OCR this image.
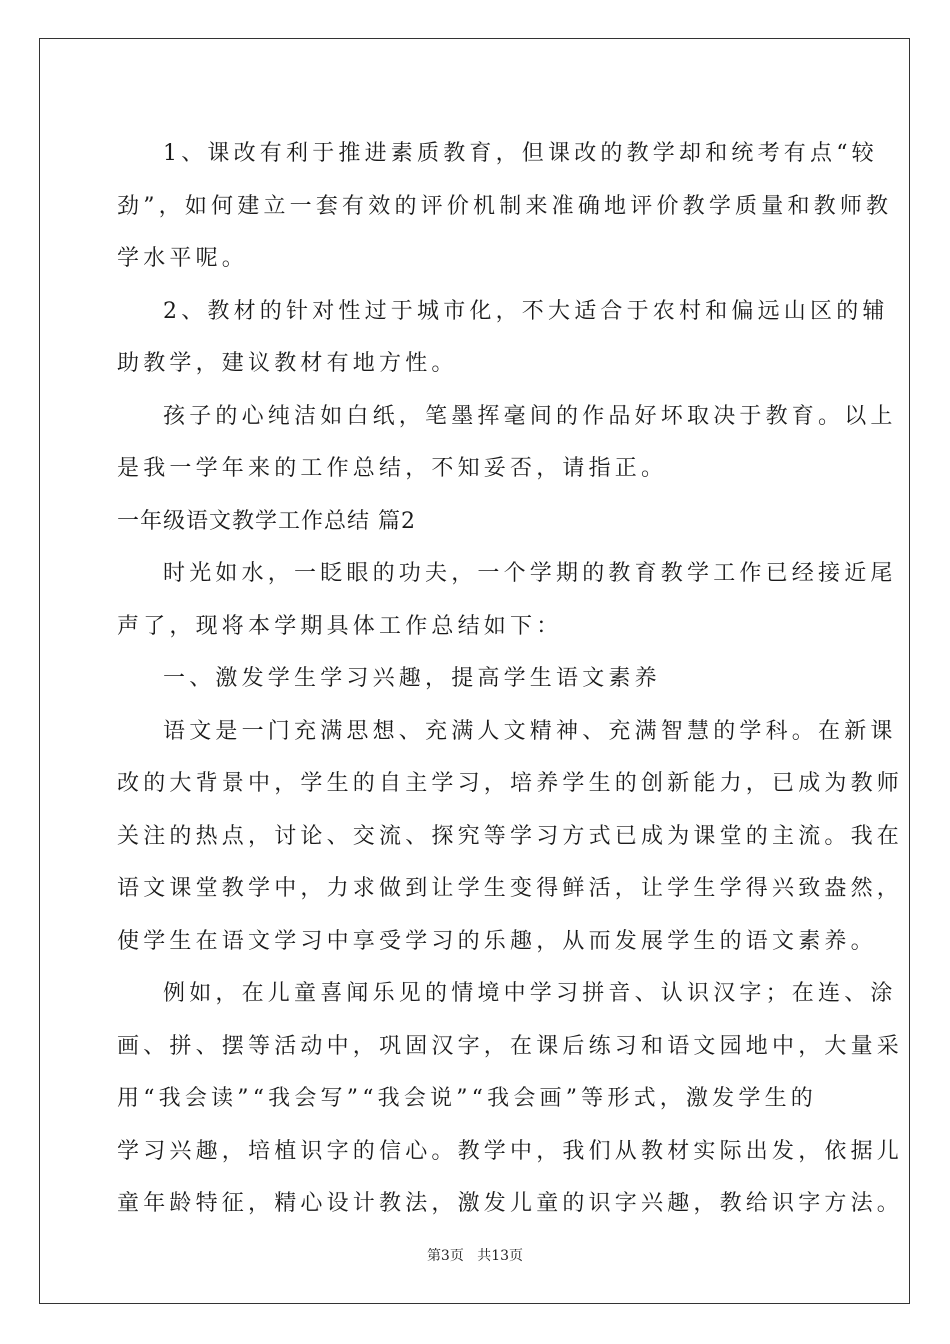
1、课改有利于推进素质教育，但课改的教学却和统考有点“较
劲”，如何建立一套有效的评价机制来准确地评价教学质量和教师教
学水平呢。
2、教材的针对性过于城市化，不大适合于农村和偏远山区的辅
助教学，建议教材有地方性。
孩子的心纯洁如白纸，笔墨挥毫间的作品好坏取决于教育。以上
是我一学年来的工作总结，不知妥否，请指正。
一年级语文教学工作总结 篇2
时光如水，一眨眼的功夫，一个学期的教育教学工作已经接近尾
声了，现将本学期具体工作总结如下：
一、激发学生学习兴趣，提高学生语文素养
语文是一门充满思想、充满人文精神、充满智慧的学科。在新课
改的大背景中，学生的自主学习，培养学生的创新能力，已成为教师
关注的热点，讨论、交流、探究等学习方式已成为课堂的主流。我在
语文课堂教学中，力求做到让学生变得鲜活，让学生学得兴致盎然，
使学生在语文学习中享受学习的乐趣，从而发展学生的语文素养。
例如，在儿童喜闻乐见的情境中学习拼音、认识汉字；在连、涂
画、拼、摆等活动中，巩固汉字，在课后练习和语文园地中，大量采
用“我会读”“我会写”“我会说”“我会画”等形式，激发学生的
学习兴趣，培植识字的信心。教学中，我们从教材实际出发，依据儿
童年龄特征，精心设计教法，激发儿童的识字兴趣，教给识字方法。
第3页 共13页
